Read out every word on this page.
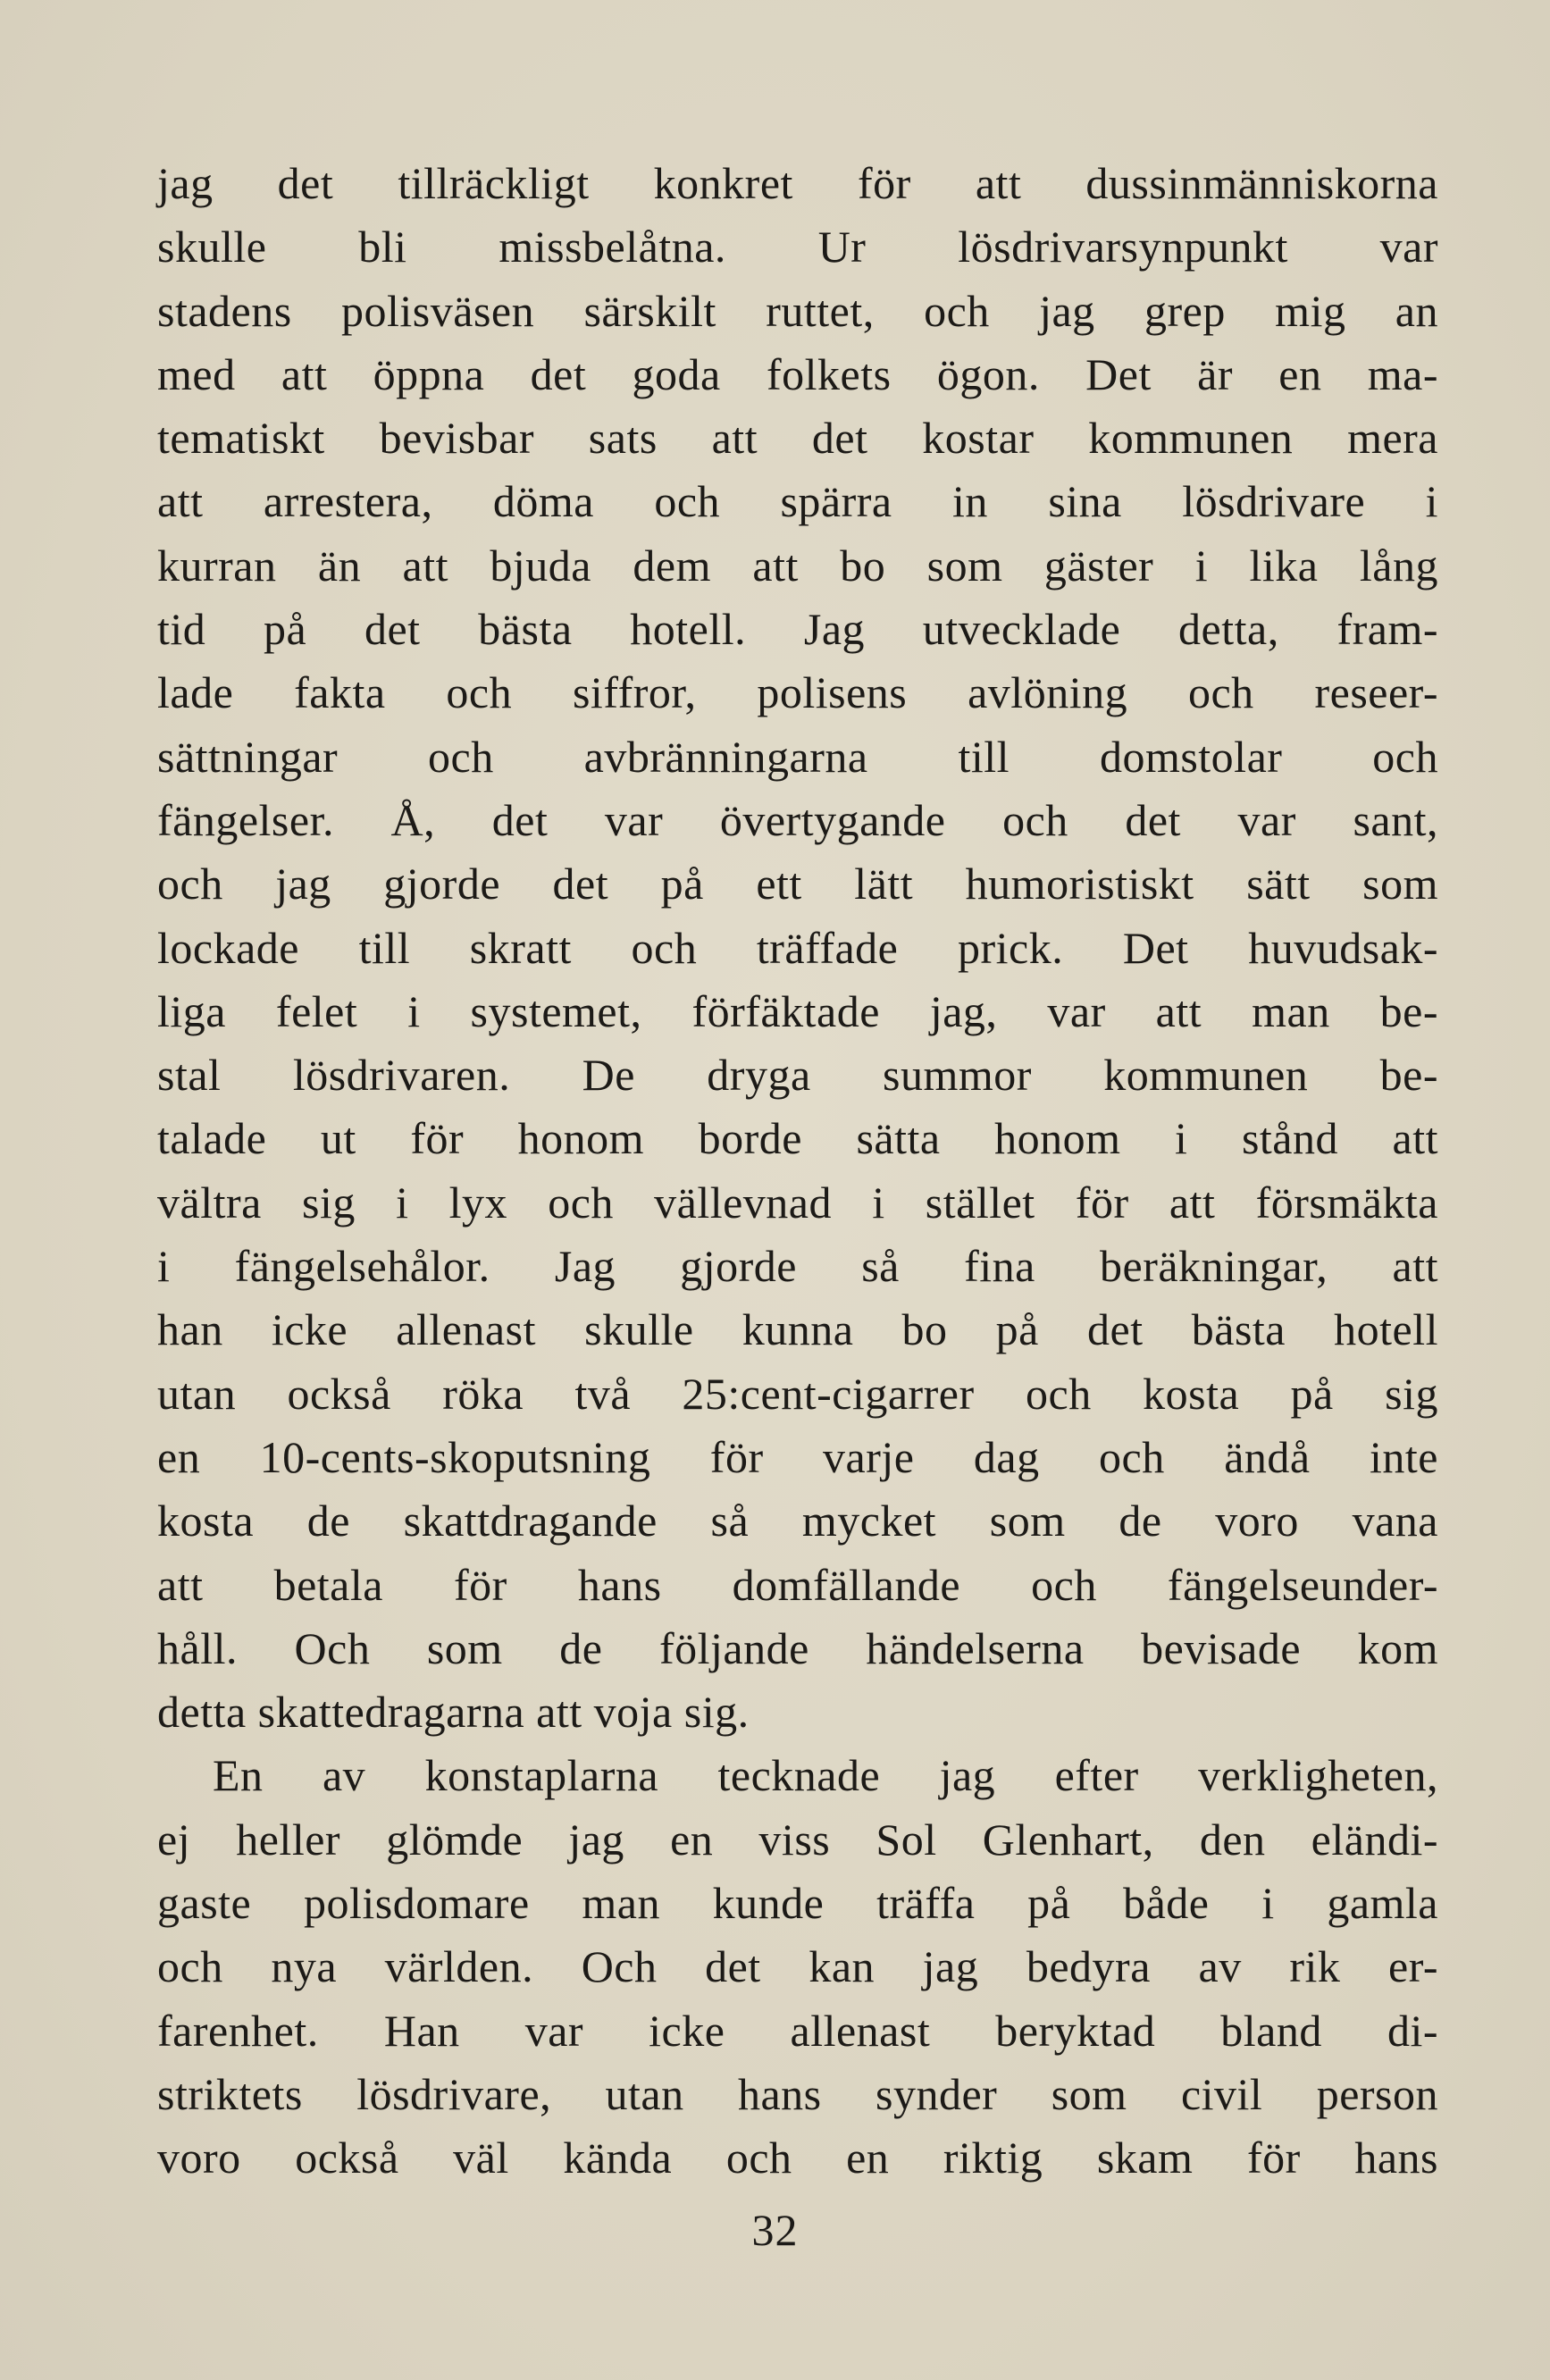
jag det tillräckligt konkret för att dussinmänniskorna
skulle bli missbelåtna. Ur lösdrivarsynpunkt var
stadens polisväsen särskilt ruttet, och jag grep mig an
med att öppna det goda folkets ögon. Det är en ma-
tematiskt bevisbar sats att det kostar kommunen mera
att arrestera, döma och spärra in sina lösdrivare i
kurran än att bjuda dem att bo som gäster i lika lång
tid på det bästa hotell. Jag utvecklade detta, fram-
lade fakta och siffror, polisens avlöning och reseer-
sättningar och avbränningarna till domstolar och
fängelser. Å, det var övertygande och det var sant,
och jag gjorde det på ett lätt humoristiskt sätt som
lockade till skratt och träffade prick. Det huvudsak-
liga felet i systemet, förfäktade jag, var att man be-
stal lösdrivaren. De dryga summor kommunen be-
talade ut för honom borde sätta honom i stånd att
vältra sig i lyx och vällevnad i stället för att försmäkta
i fängelsehålor. Jag gjorde så fina beräkningar, att
han icke allenast skulle kunna bo på det bästa hotell
utan också röka två 25:cent-cigarrer och kosta på sig
en 10-cents-skoputsning för varje dag och ändå inte
kosta de skattdragande så mycket som de voro vana
att betala för hans domfällande och fängelseunder-
håll. Och som de följande händelserna bevisade kom
detta skattedragarna att voja sig.
En av konstaplarna tecknade jag efter verkligheten,
ej heller glömde jag en viss Sol Glenhart, den eländi-
gaste polisdomare man kunde träffa på både i gamla
och nya världen. Och det kan jag bedyra av rik er-
farenhet. Han var icke allenast beryktad bland di-
striktets lösdrivare, utan hans synder som civil person
voro också väl kända och en riktig skam för hans
32
